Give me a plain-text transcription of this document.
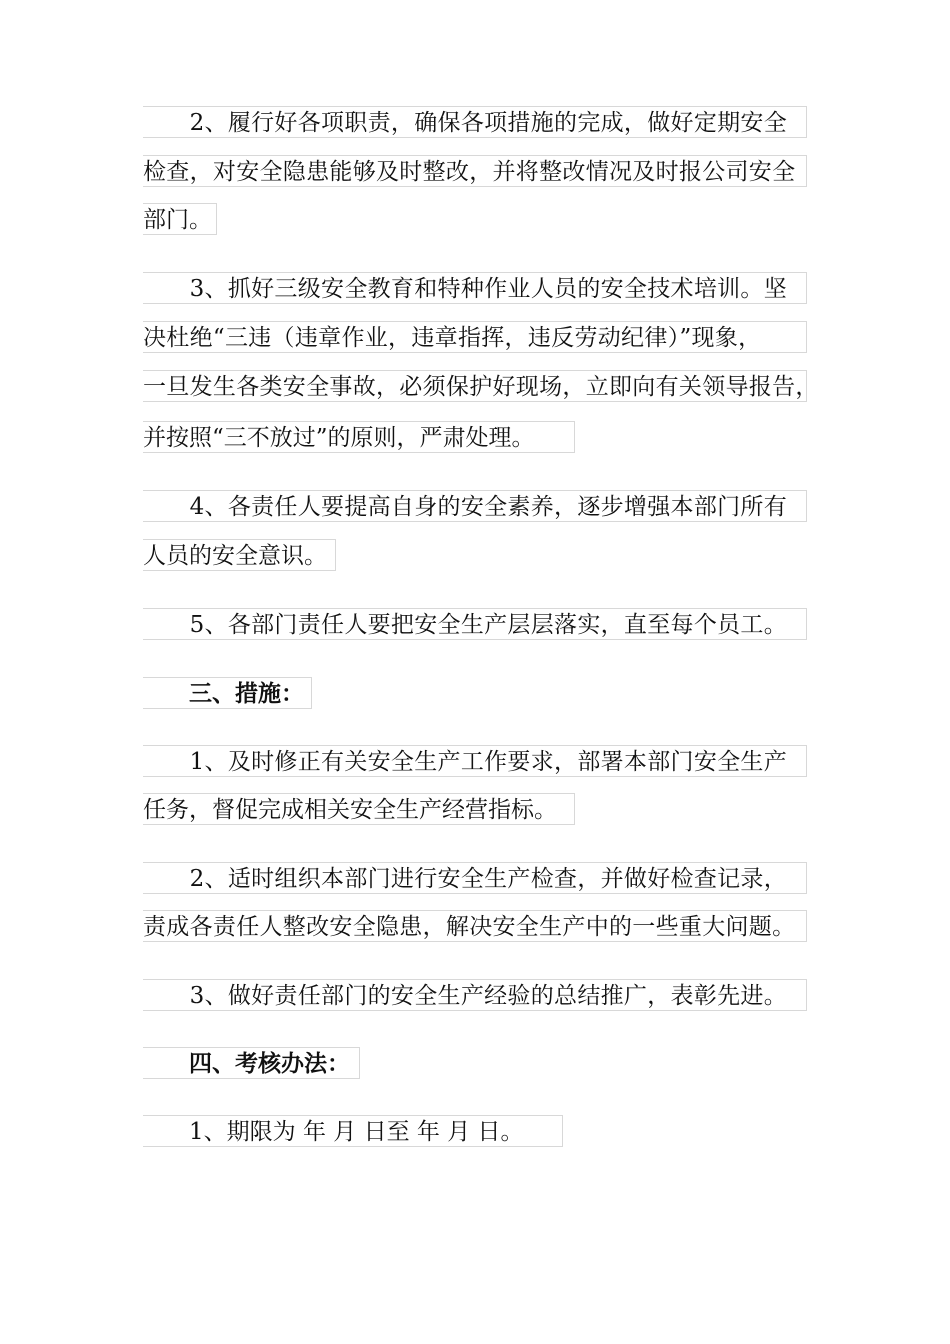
　　2、履行好各项职责，确保各项措施的完成，做好定期安全
检查，对安全隐患能够及时整改，并将整改情况及时报公司安全
部门。
　　3、抓好三级安全教育和特种作业人员的安全技术培训。坚
决杜绝“三违（违章作业，违章指挥，违反劳动纪律）”现象，
一旦发生各类安全事故，必须保护好现场，立即向有关领导报告，
并按照“三不放过”的原则，严肃处理。
　　4、各责任人要提高自身的安全素养，逐步增强本部门所有
人员的安全意识。
　　5、各部门责任人要把安全生产层层落实，直至每个员工。
　　三、措施：
　　1、及时修正有关安全生产工作要求，部署本部门安全生产
任务，督促完成相关安全生产经营指标。
　　2、适时组织本部门进行安全生产检查，并做好检查记录，
责成各责任人整改安全隐患，解决安全生产中的一些重大问题。
　　3、做好责任部门的安全生产经验的总结推广，表彰先进。
　　四、考核办法：
　　1、期限为 年 月 日至 年 月 日。
